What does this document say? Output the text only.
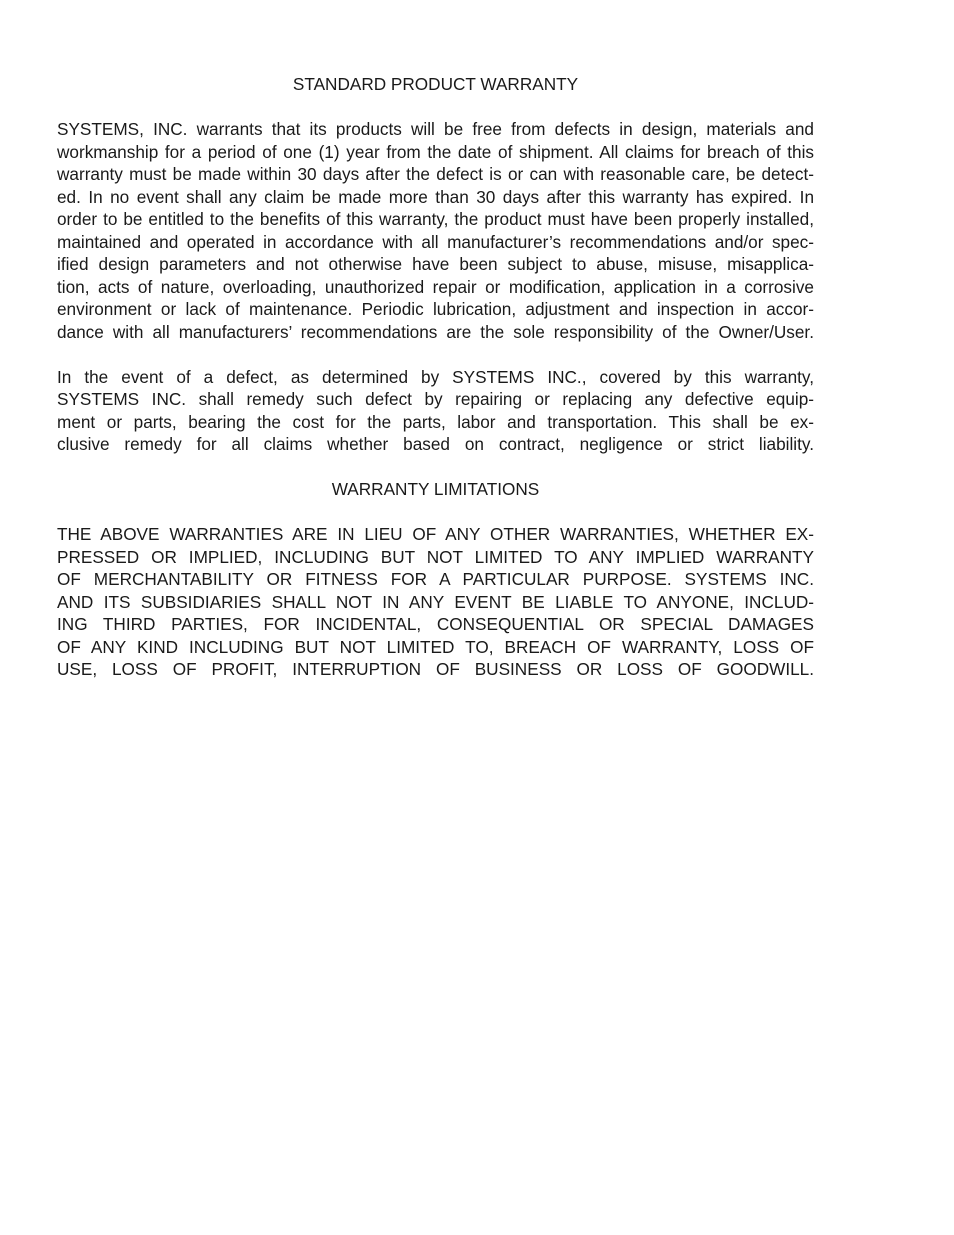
STANDARD PRODUCT WARRANTY
SYSTEMS, INC. warrants that its products will be free from defects in design, materials and
workmanship for a period of one (1) year from the date of shipment. All claims for breach of this
warranty must be made within 30 days after the defect is or can with reasonable care, be detect-
ed. In no event shall any claim be made more than 30 days after this warranty has expired. In
order to be entitled to the benefits of this warranty, the product must have been properly installed,
maintained and operated in accordance with all manufacturer’s recommendations and/or spec-
ified design parameters and not otherwise have been subject to abuse, misuse, misapplica-
tion, acts of nature, overloading, unauthorized repair or modification, application in a corrosive
environment or lack of maintenance. Periodic lubrication, adjustment and inspection in accor-
dance with all manufacturers’ recommendations are the sole responsibility of the Owner/User.
In the event of a defect, as determined by SYSTEMS INC., covered by this warranty,
SYSTEMS INC. shall remedy such defect by repairing or replacing any defective equip-
ment or parts, bearing the cost for the parts, labor and transportation. This shall be ex-
clusive remedy for all claims whether based on contract, negligence or strict liability.
WARRANTY LIMITATIONS
THE ABOVE WARRANTIES ARE IN LIEU OF ANY OTHER WARRANTIES, WHETHER EX-
PRESSED OR IMPLIED, INCLUDING BUT NOT LIMITED TO ANY IMPLIED WARRANTY
OF MERCHANTABILITY OR FITNESS FOR A PARTICULAR PURPOSE. SYSTEMS INC.
AND ITS SUBSIDIARIES SHALL NOT IN ANY EVENT BE LIABLE TO ANYONE, INCLUD-
ING THIRD PARTIES, FOR INCIDENTAL, CONSEQUENTIAL OR SPECIAL DAMAGES
OF ANY KIND INCLUDING BUT NOT LIMITED TO, BREACH OF WARRANTY, LOSS OF
USE, LOSS OF PROFIT, INTERRUPTION OF BUSINESS OR LOSS OF GOODWILL.
